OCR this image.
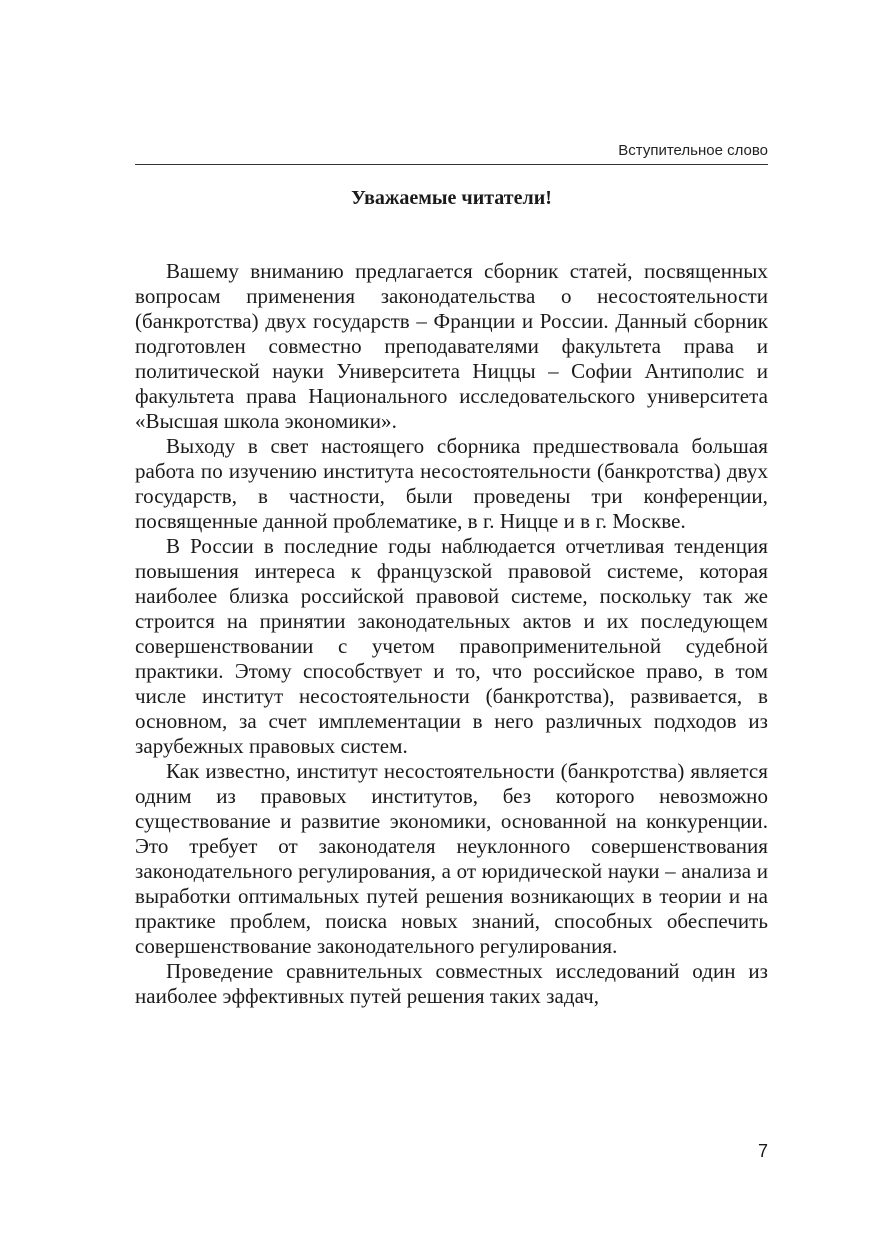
Вступительное слово
Уважаемые читатели!

Вашему вниманию предлагается сборник статей, посвященных вопросам применения законодательства о несостоятельности (банкротства) двух государств – Франции и России. Данный сборник подготовлен совместно преподавателями факультета права и политической науки Университета Ниццы – Софии Антиполис и факультета права Национального исследовательского университета «Высшая школа экономики».

Выходу в свет настоящего сборника предшествовала большая работа по изучению института несостоятельности (банкротства) двух государств, в частности, были проведены три конференции, посвященные данной проблематике, в г. Ницце и в г. Москве.

В России в последние годы наблюдается отчетливая тенденция повышения интереса к французской правовой системе, которая наиболее близка российской правовой системе, поскольку так же строится на принятии законодательных актов и их последующем совершенствовании с учетом правоприменительной судебной практики. Этому способствует и то, что российское право, в том числе институт несостоятельности (банкротства), развивается, в основном, за счет имплементации в него различных подходов из зарубежных правовых систем.

Как известно, институт несостоятельности (банкротства) является одним из правовых институтов, без которого невозможно существование и развитие экономики, основанной на конкуренции. Это требует от законодателя неуклонного совершенствования законодательного регулирования, а от юридической науки – анализа и выработки оптимальных путей решения возникающих в теории и на практике проблем, поиска новых знаний, способных обеспечить совершенствование законодательного регулирования.

Проведение сравнительных совместных исследований один из наиболее эффективных путей решения таких задач,

7
